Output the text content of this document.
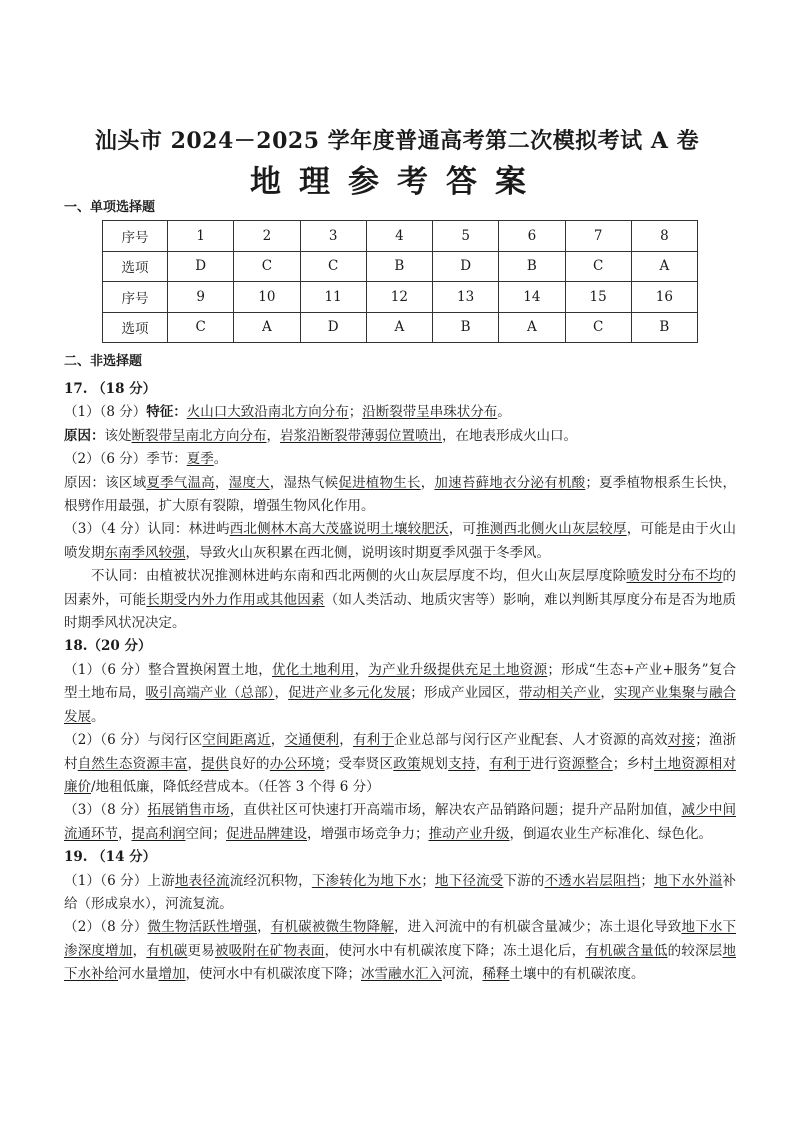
汕头市 2024－2025 学年度普通高考第二次模拟考试 A 卷
地理参考答案
一、单项选择题
序号	1	2	3	4	5	6	7	8
选项	D	C	C	B	D	B	C	A
序号	9	10	11	12	13	14	15	16
选项	C	A	D	A	B	A	C	B
二、非选择题

17. （18 分）

（1）（8 分）特征：火山口大致沿南北方向分布；沿断裂带呈串珠状分布。

原因：该处断裂带呈南北方向分布，岩浆沿断裂带薄弱位置喷出，在地表形成火山口。

（2）（6 分）季节：夏季。

原因：该区域夏季气温高，湿度大，湿热气候促进植物生长，加速苔藓地衣分泌有机酸；夏季植物根系生长快，根劈作用最强，扩大原有裂隙，增强生物风化作用。

（3）（4 分）认同：林进屿西北侧林木高大茂盛说明土壤较肥沃，可推测西北侧火山灰层较厚，可能是由于火山喷发期东南季风较强，导致火山灰积累在西北侧，说明该时期夏季风强于冬季风。

不认同：由植被状况推测林进屿东南和西北两侧的火山灰层厚度不均，但火山灰层厚度除喷发时分布不均的因素外，可能长期受内外力作用或其他因素（如人类活动、地质灾害等）影响，难以判断其厚度分布是否为地质时期季风状况决定。

18.（20 分）

（1）（6 分）整合置换闲置土地，优化土地利用，为产业升级提供充足土地资源；形成“生态+产业+服务”复合型土地布局，吸引高端产业（总部），促进产业多元化发展；形成产业园区，带动相关产业，实现产业集聚与融合发展。

（2）（6 分）与闵行区空间距离近，交通便利，有利于企业总部与闵行区产业配套、人才资源的高效对接；渔浙村自然生态资源丰富，提供良好的办公环境；受奉贤区政策规划支持，有利于进行资源整合；乡村土地资源相对廉价/地租低廉，降低经营成本。（任答 3 个得 6 分）

（3）（8 分）拓展销售市场，直供社区可快速打开高端市场，解决农产品销路问题；提升产品附加值，减少中间流通环节，提高利润空间；促进品牌建设，增强市场竞争力；推动产业升级，倒逼农业生产标准化、绿色化。

19. （14 分）

（1）（6 分）上游地表径流流经沉积物，下渗转化为地下水；地下径流受下游的不透水岩层阻挡；地下水外溢补给（形成泉水），河流复流。

（2）（8 分）微生物活跃性增强，有机碳被微生物降解，进入河流中的有机碳含量减少；冻土退化导致地下水下渗深度增加，有机碳更易被吸附在矿物表面，使河水中有机碳浓度下降；冻土退化后，有机碳含量低的较深层地下水补给河水量增加，使河水中有机碳浓度下降；冰雪融水汇入河流，稀释土壤中的有机碳浓度。
